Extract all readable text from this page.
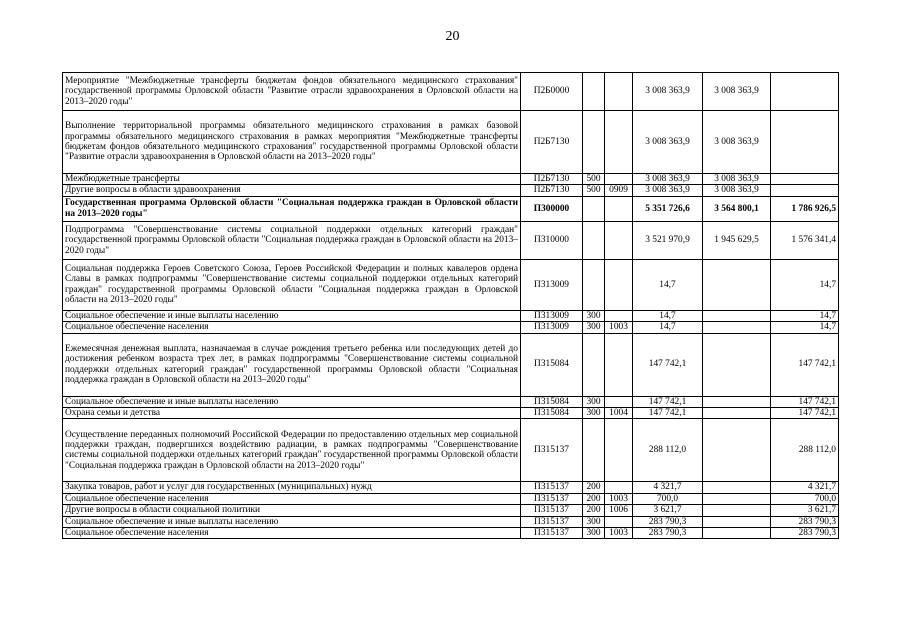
20
Мероприятие "Межбюджетные трансферты бюджетам фондов обязательного медицинского страхования" государственной программы Орловской области "Развитие отрасли здравоохранения в Орловской области на 2013–2020 годы"	П2Б0000			3 008 363,9	3 008 363,9	
Выполнение территориальной программы обязательного медицинского страхования в рамках базовой программы обязательного медицинского страхования в рамках мероприятия "Межбюджетные трансферты бюджетам фондов обязательного медицинского страхования" государственной программы Орловской области "Развитие отрасли здравоохранения в Орловской области на 2013–2020 годы"	П2Б7130			3 008 363,9	3 008 363,9	
Межбюджетные трансферты	П2Б7130	500		3 008 363,9	3 008 363,9	
Другие вопросы в области здравоохранения	П2Б7130	500	0909	3 008 363,9	3 008 363,9	
Государственная программа Орловской области "Социальная поддержка граждан в Орловской области на 2013–2020 годы"	П300000			5 351 726,6	3 564 800,1	1 786 926,5
Подпрограмма "Совершенствование системы социальной поддержки отдельных категорий граждан" государственной программы Орловской области "Социальная поддержка граждан в Орловской области на 2013–2020 годы"	П310000			3 521 970,9	1 945 629,5	1 576 341,4
Социальная поддержка Героев Советского Союза, Героев Российской Федерации и полных кавалеров ордена Славы в рамках подпрограммы "Совершенствование системы социальной поддержки отдельных категорий граждан" государственной программы Орловской области "Социальная поддержка граждан в Орловской области на 2013–2020 годы"	П313009			14,7		14,7
Социальное обеспечение и иные выплаты населению	П313009	300		14,7		14,7
Социальное обеспечение населения	П313009	300	1003	14,7		14,7
Ежемесячная денежная выплата, назначаемая в случае рождения третьего ребенка или последующих детей до достижения ребенком возраста трех лет, в рамках подпрограммы "Совершенствование системы социальной поддержки отдельных категорий граждан" государственной программы Орловской области "Социальная поддержка граждан в Орловской области на 2013–2020 годы"	П315084			147 742,1		147 742,1
Социальное обеспечение и иные выплаты населению	П315084	300		147 742,1		147 742,1
Охрана семьи и детства	П315084	300	1004	147 742,1		147 742,1
Осуществление переданных полномочий Российской Федерации по предоставлению отдельных мер социальной поддержки граждан, подвергшихся воздействию радиации, в рамках подпрограммы "Совершенствование системы социальной поддержки отдельных категорий граждан" государственной программы Орловской области "Социальная поддержка граждан в Орловской области на 2013–2020 годы"	П315137			288 112,0		288 112,0
Закупка товаров, работ и услуг для государственных (муниципальных) нужд	П315137	200		4 321,7		4 321,7
Социальное обеспечение населения	П315137	200	1003	700,0		700,0
Другие вопросы в области социальной политики	П315137	200	1006	3 621,7		3 621,7
Социальное обеспечение и иные выплаты населению	П315137	300		283 790,3		283 790,3
Социальное обеспечение населения	П315137	300	1003	283 790,3		283 790,3
